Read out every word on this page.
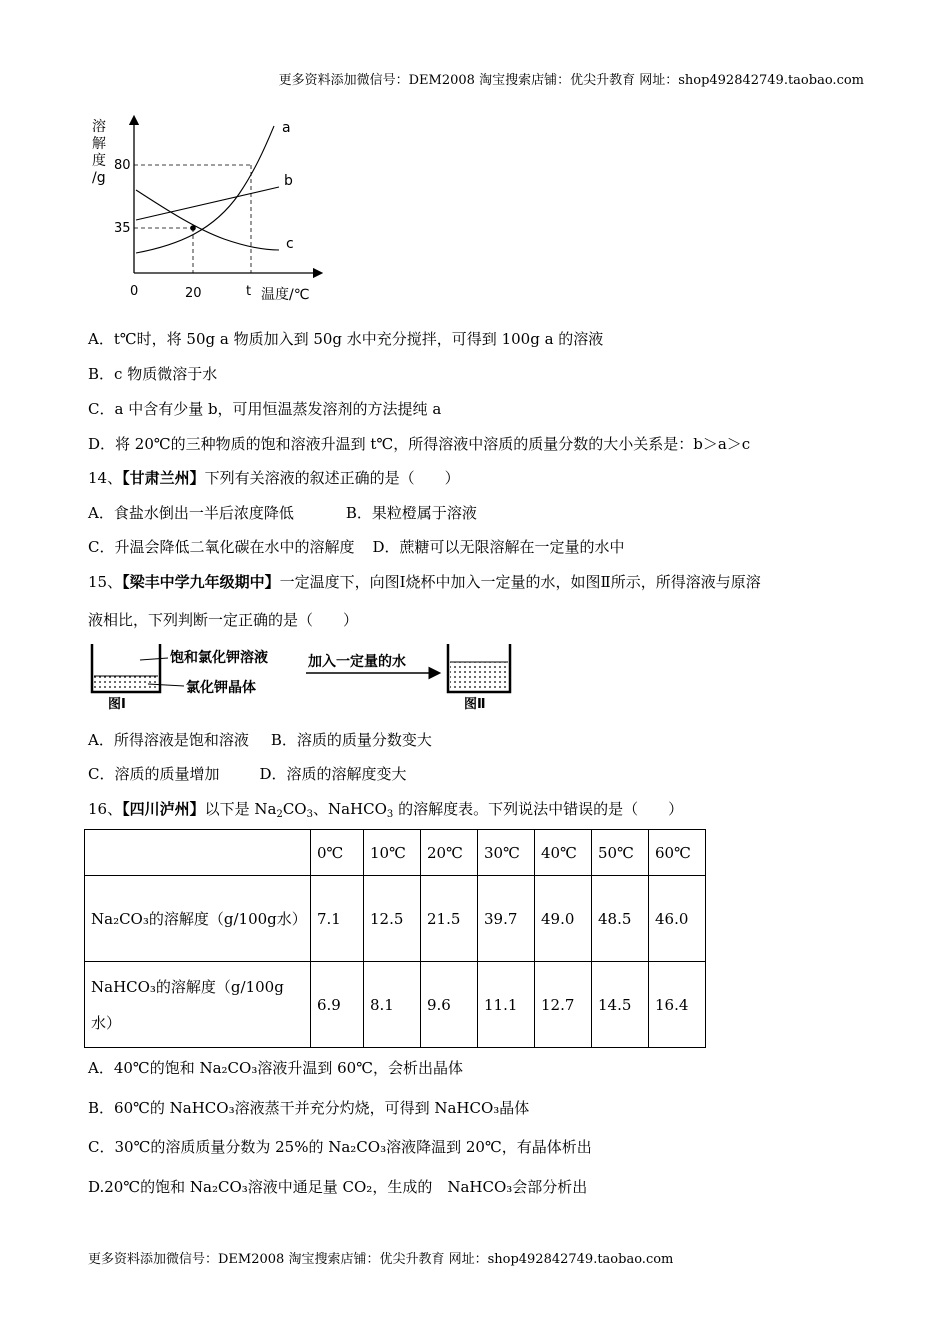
更多资料添加微信号：DEM2008 淘宝搜索店铺：优尖升教育 网址：shop492842749.taobao.com
溶
解
度
/g
80
35
0	20	t 温度/℃
a
b
c
A．t℃时，将 50g a 物质加入到 50g 水中充分搅拌，可得到 100g a 的溶液
B．c 物质微溶于水
C．a 中含有少量 b，可用恒温蒸发溶剂的方法提纯 a
D．将 20℃的三种物质的饱和溶液升温到 t℃，所得溶液中溶质的质量分数的大小关系是：b＞a＞c
14、【甘肃兰州】下列有关溶液的叙述正确的是（　　）
A．食盐水倒出一半后浓度降低	B．果粒橙属于溶液
C．升温会降低二氧化碳在水中的溶解度 D．蔗糖可以无限溶解在一定量的水中
15、【梁丰中学九年级期中】一定温度下，向图Ⅰ烧杯中加入一定量的水，如图Ⅱ所示，所得溶液与原溶
液相比，下列判断一定正确的是（　　）
饱和氯化钾溶液
氯化钾晶体
加入一定量的水
图Ⅰ	图Ⅱ
A．所得溶液是饱和溶液 B．溶质的质量分数变大
C．溶质的质量增加	D．溶质的溶解度变大
16、【四川泸州】以下是 $Na_2CO_3$、NaHCO$_3$ 的溶解度表。下列说法中错误的是（　　）
	0℃	10℃	20℃	30℃	40℃	50℃	60℃
Na₂CO₃的溶解度（g/100g水）	7.1	12.5	21.5	39.7	49.0	48.5	46.0
NaHCO₃的溶解度（g/100g水）	6.9	8.1	9.6	11.1	12.7	14.5	16.4
A．40℃的饱和 Na₂CO₃溶液升温到 60℃，会析出晶体
B．60℃的 NaHCO₃溶液蒸干并充分灼烧，可得到 NaHCO₃晶体
C．30℃的溶质质量分数为 25%的 Na₂CO₃溶液降温到 20℃，有晶体析出
D.20℃的饱和 Na₂CO₃溶液中通足量 CO₂，生成的　NaHCO₃会部分析出
更多资料添加微信号：DEM2008 淘宝搜索店铺：优尖升教育 网址：shop492842749.taobao.com
